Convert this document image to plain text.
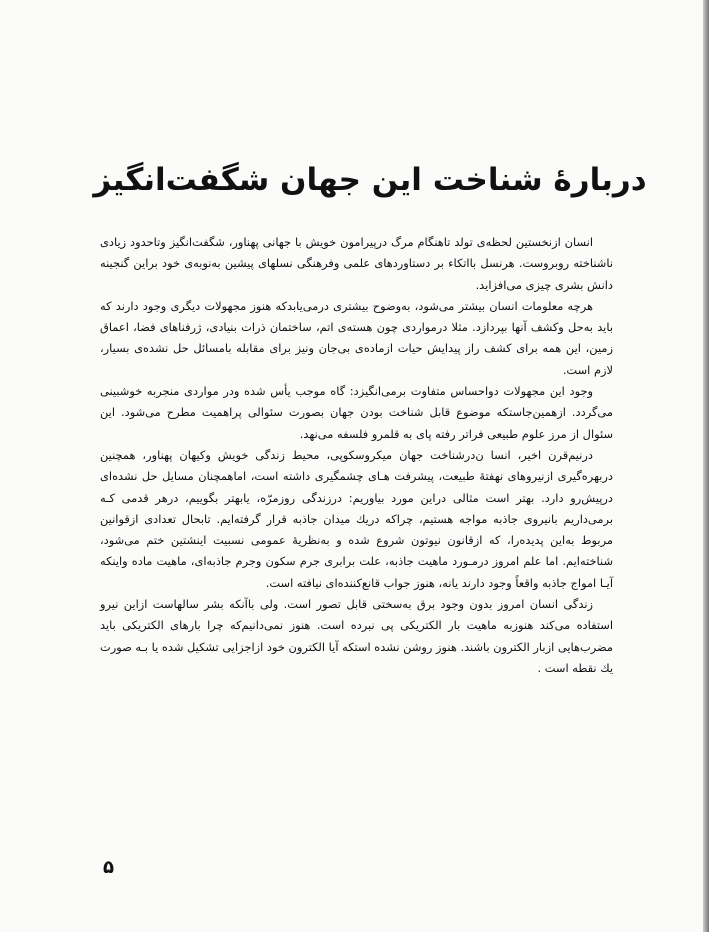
دربارهٔ شناخت این جهان شگفت‌انگیز

انسان ازنخستین لحظه‌ی تولد تاهنگام مرگ درپیرامون خویش با جهانی پهناور، شگفت‌انگیز وتاحدود زیادی ناشناخته روبروست. هرنسل بااتکاء بر دستاوردهای علمی وفرهنگی نسلهای پیشین به‌نوبه‌ی خود براین گنجینه دانش بشری چیزی می‌افزاید.

هرچه معلومات انسان بیشتر می‌شود، به‌وضوح بیشتری درمی‌یابدکه هنوز مجهولات دیگری وجود دارند که باید به‌حل وکشف آنها بپردازد. مثلا درمواردی چون هسته‌ی اتم، ساختمان ذرات بنیادی، ژرفناهای فضا، اعماق زمین، این همه برای کشف راز پیدایش حیات ازماده‌ی بی‌جان ونیز برای مقابله بامسائل حل نشده‌ی بسیار، لازم است.

وجود این مجهولات دواحساس متفاوت برمی‌انگیزد: گاه موجب یأس شده ودر مواردی منجربه خوشبینی می‌گردد. ازهمین‌جاستکه موضوع قابل شناخت بودن جهان بصورت سئوالی پراهمیت مطرح می‌شود. این سئوال از مرز علوم طبیعی فراتر رفته پای به قلمرو فلسفه می‌نهد.

درنیم‌قرن اخیر، انسا ن‌درشناخت جهان میکروسکوپی، محیط زندگی خویش وکیهان پهناور، همچنین دربهره‌گیری ازنیروهای نهفتهٔ طبیعت، پیشرفت هـای چشمگیری داشته است، اماهمچنان مسایل حل نشده‌ای درپیش‌رو دارد. بهتر است مثالی دراین مورد بیاوریم: درزندگی روزمرّه، یابهتر بگوییم، درهر قدمی کـه برمی‌داریم بانیروی جاذبه مواجه هستیم، چراکه دریك میدان جاذبه قرار گرفته‌ایم. تابحال تعدادی ازقوانین مربوط به‌این پدیده‌را، که ازقانون نیوتون شروع شده و به‌نظریهٔ عمومی نسبیت اینشتین ختم می‌شود، شناخته‌ایم. اما علم امروز درمـورد ماهیت جاذبه، علت برابری جرم سکون وجرم جاذبه‌ای، ماهیت ماده واینکه آیـا امواج جاذبه واقعاً وجود دارند یانه، هنوز جواب قانع‌کننده‌ای نیافته است.

زندگی انسان امروز بدون وجود برق به‌سختی قابل تصور است. ولی باآنکه بشر سالهاست ازاین نیرو استفاده می‌کند هنوزبه ماهیت بار الکتریکی پی نبرده است. هنوز نمی‌دانیم‌که چرا بارهای الکتریکی باید مضرب‌هایی ازبار الکترون باشند. هنوز روشن نشده استکه آیا الکترون خود ازاجزایی تشکیل شده یا بـه صورت یك نقطه است .

۵
